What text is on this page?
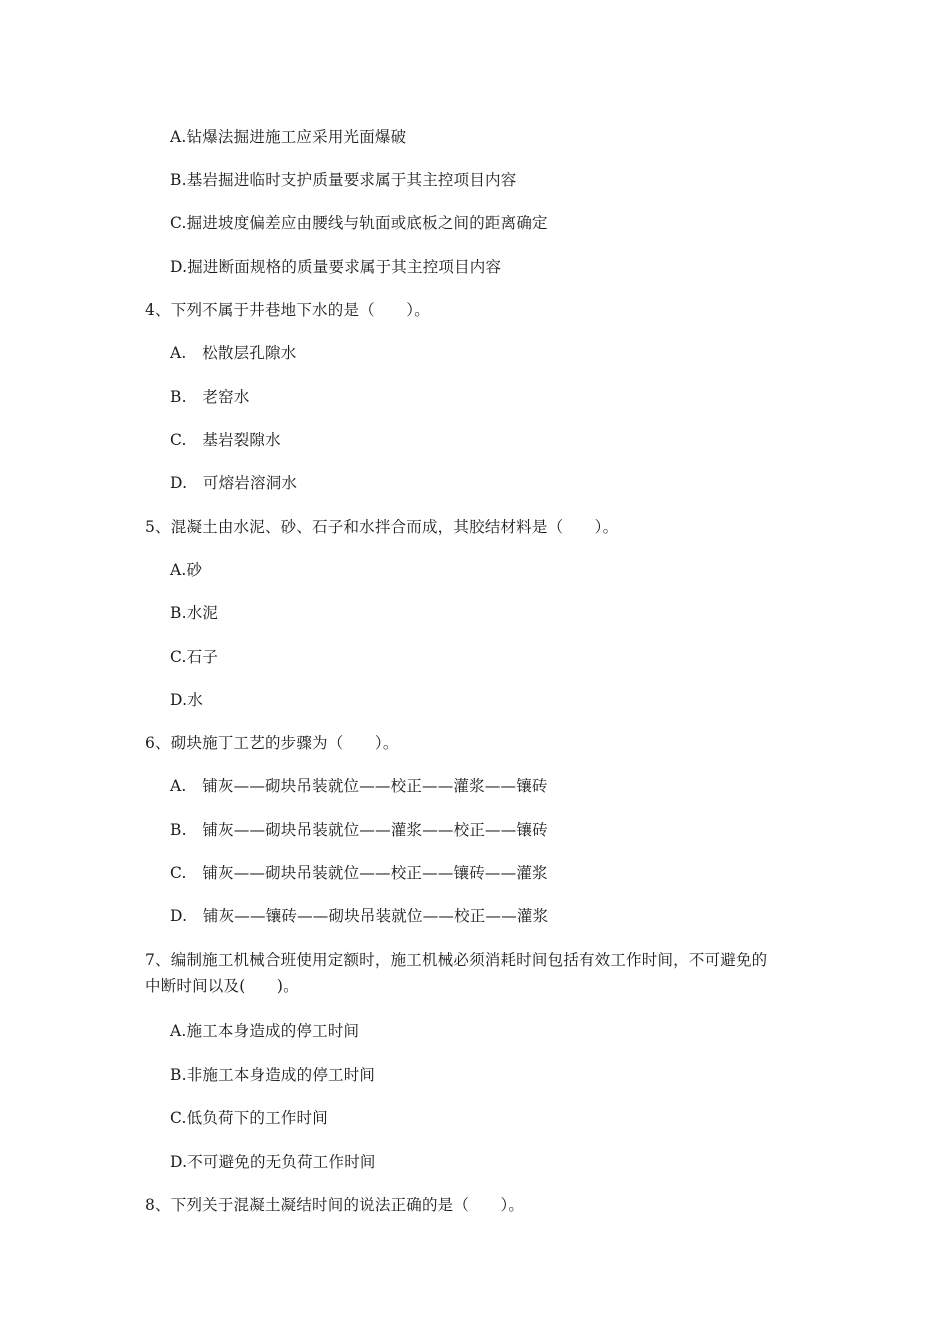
A.钻爆法掘进施工应采用光面爆破
B.基岩掘进临时支护质量要求属于其主控项目内容
C.掘进坡度偏差应由腰线与轨面或底板之间的距离确定
D.掘进断面规格的质量要求属于其主控项目内容
4、下列不属于井巷地下水的是（　　）。
A.　松散层孔隙水
B.　老窑水
C.　基岩裂隙水
D.　可熔岩溶洞水
5、混凝土由水泥、砂、石子和水拌合而成，其胶结材料是（　　）。
A.砂
B.水泥
C.石子
D.水
6、砌块施丁工艺的步骤为（　　）。
A.　铺灰——砌块吊装就位——校正——灌浆——镶砖
B.　铺灰——砌块吊装就位——灌浆——校正——镶砖
C.　铺灰——砌块吊装就位——校正——镶砖——灌浆
D.　铺灰——镶砖——砌块吊装就位——校正——灌浆
7、编制施工机械合班使用定额时，施工机械必须消耗时间包括有效工作时间，不可避免的
中断时间以及(　　)。
A.施工本身造成的停工时间
B.非施工本身造成的停工时间
C.低负荷下的工作时间
D.不可避免的无负荷工作时间
8、下列关于混凝土凝结时间的说法正确的是（　　）。
